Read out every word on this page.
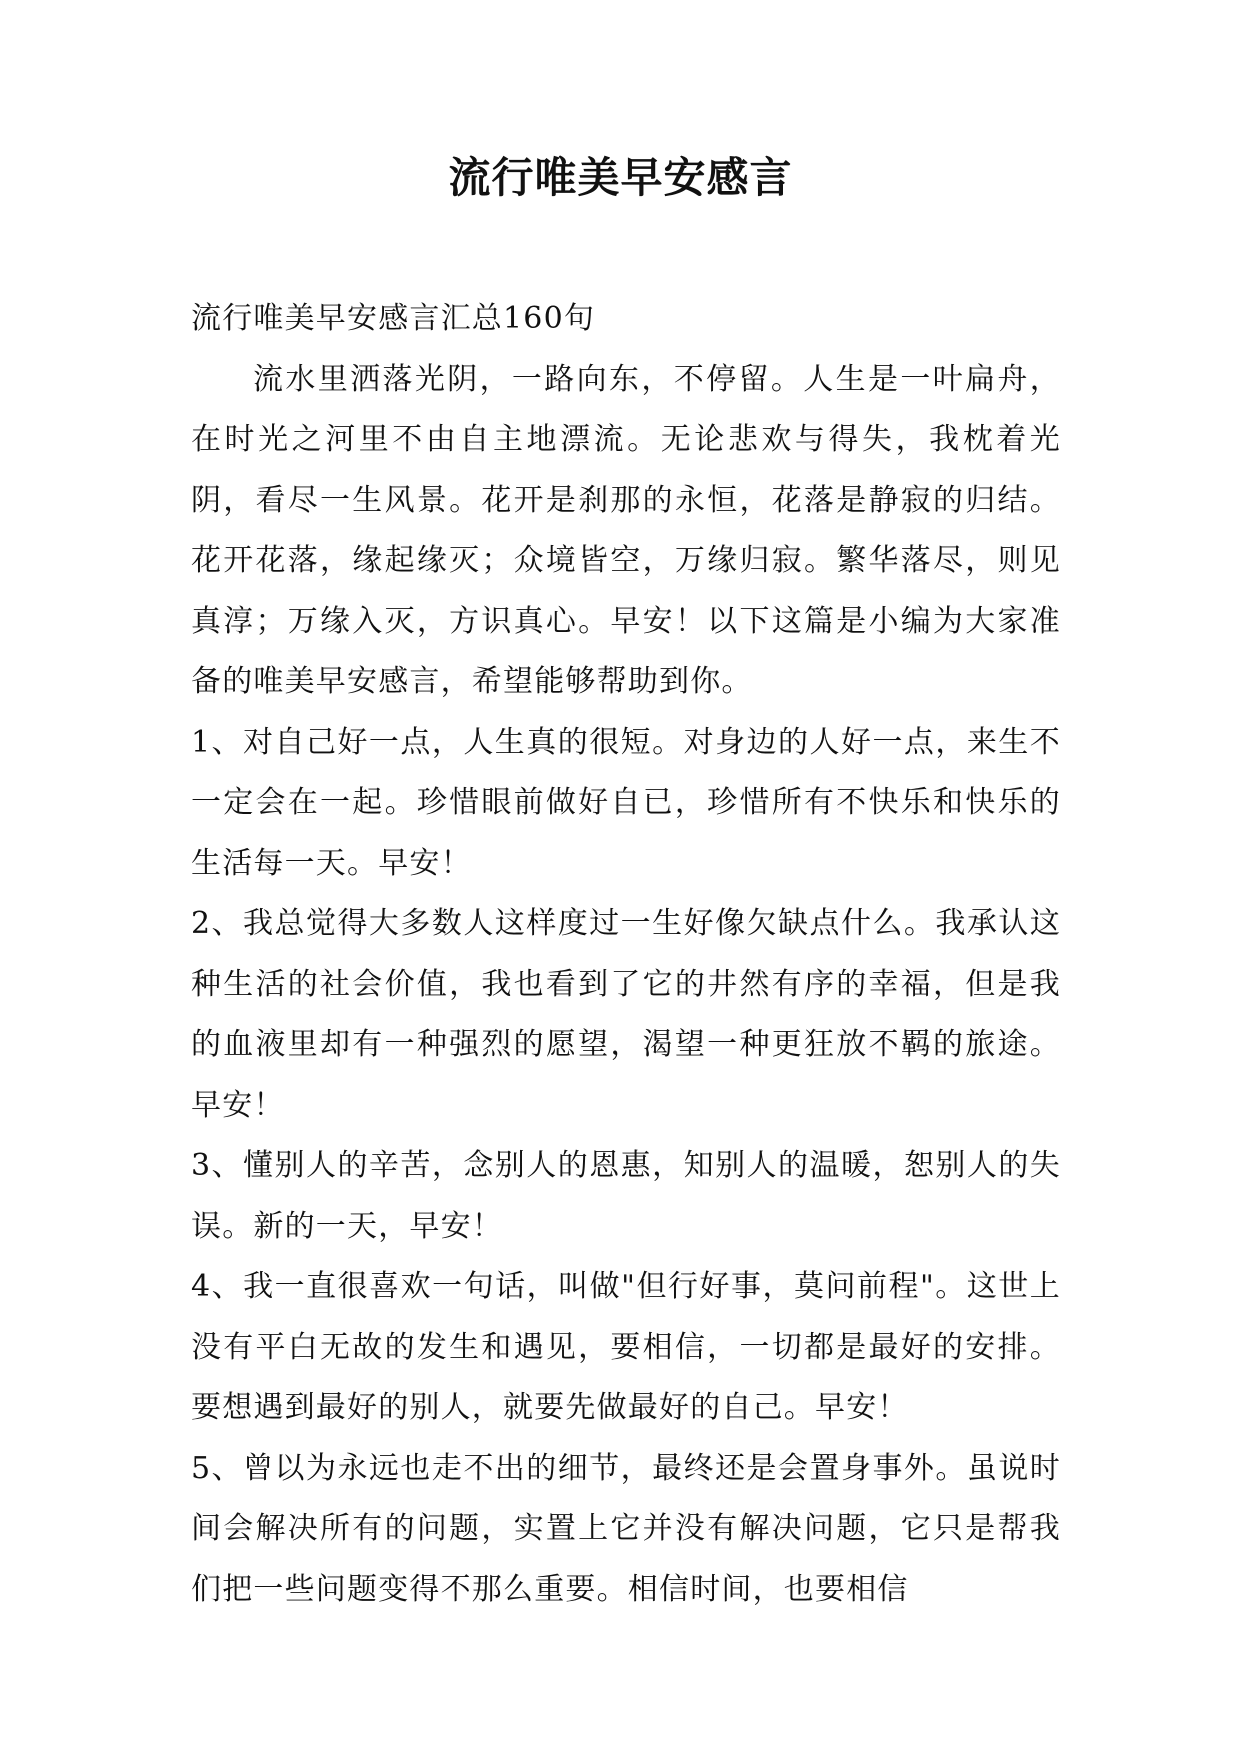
流行唯美早安感言

流行唯美早安感言汇总160句

流水里洒落光阴，一路向东，不停留。人生是一叶扁舟，在时光之河里不由自主地漂流。无论悲欢与得失，我枕着光阴，看尽一生风景。花开是刹那的永恒，花落是静寂的归结。花开花落，缘起缘灭；众境皆空，万缘归寂。繁华落尽，则见真淳；万缘入灭，方识真心。早安！以下这篇是小编为大家准备的唯美早安感言，希望能够帮助到你。

1、对自己好一点，人生真的很短。对身边的人好一点，来生不一定会在一起。珍惜眼前做好自已，珍惜所有不快乐和快乐的生活每一天。早安！

2、我总觉得大多数人这样度过一生好像欠缺点什么。我承认这种生活的社会价值，我也看到了它的井然有序的幸福，但是我的血液里却有一种强烈的愿望，渴望一种更狂放不羁的旅途。早安！

3、懂别人的辛苦，念别人的恩惠，知别人的温暖，恕别人的失误。新的一天，早安！

4、我一直很喜欢一句话，叫做"但行好事，莫问前程"。这世上没有平白无故的发生和遇见，要相信，一切都是最好的安排。要想遇到最好的别人，就要先做最好的自己。早安！

5、曾以为永远也走不出的细节，最终还是会置身事外。虽说时间会解决所有的问题，实置上它并没有解决问题，它只是帮我们把一些问题变得不那么重要。相信时间，也要相信
